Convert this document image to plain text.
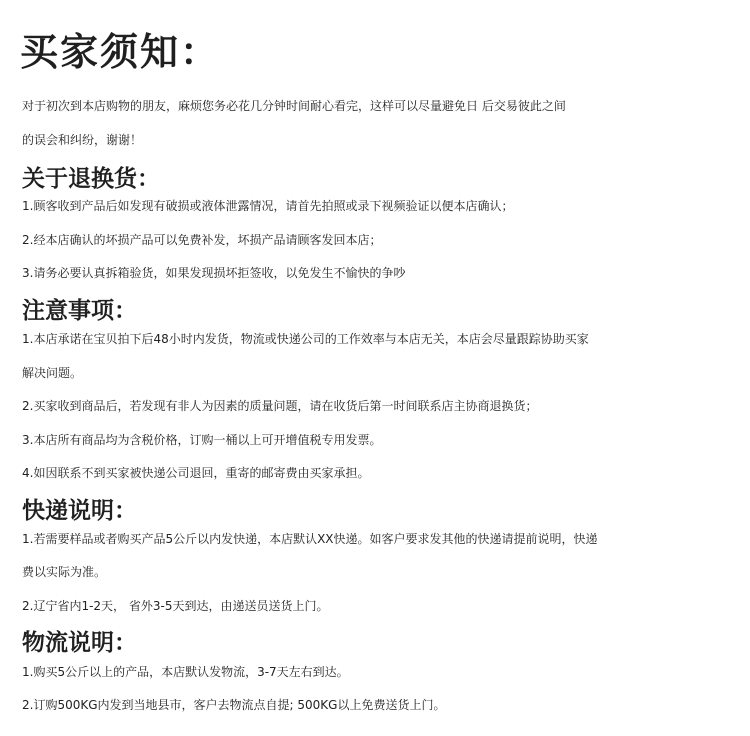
买家须知：
对于初次到本店购物的朋友，麻烦您务必花几分钟时间耐心看完，这样可以尽量避免日 后交易彼此之间
的误会和纠纷，谢谢！
关于退换货：
1.顾客收到产品后如发现有破损或液体泄露情况，请首先拍照或录下视频验证以便本店确认；
2.经本店确认的坏损产品可以免费补发，坏损产品请顾客发回本店；
3.请务必要认真拆箱验货，如果发现损坏拒签收，以免发生不愉快的争吵
注意事项：
1.本店承诺在宝贝拍下后48小时内发货，物流或快递公司的工作效率与本店无关，本店会尽量跟踪协助买家
解决问题。
2.买家收到商品后，若发现有非人为因素的质量问题，请在收货后第一时间联系店主协商退换货；
3.本店所有商品均为含税价格，订购一桶以上可开增值税专用发票。
4.如因联系不到买家被快递公司退回，重寄的邮寄费由买家承担。
快递说明：
1.若需要样品或者购买产品5公斤以内发快递，本店默认XX快递。如客户要求发其他的快递请提前说明，快递
费以实际为准。
2.辽宁省内1-2天， 省外3-5天到达，由递送员送货上门。
物流说明：
1.购买5公斤以上的产品，本店默认发物流，3-7天左右到达。
2.订购500KG内发到当地县市，客户去物流点自提; 500KG以上免费送货上门。
